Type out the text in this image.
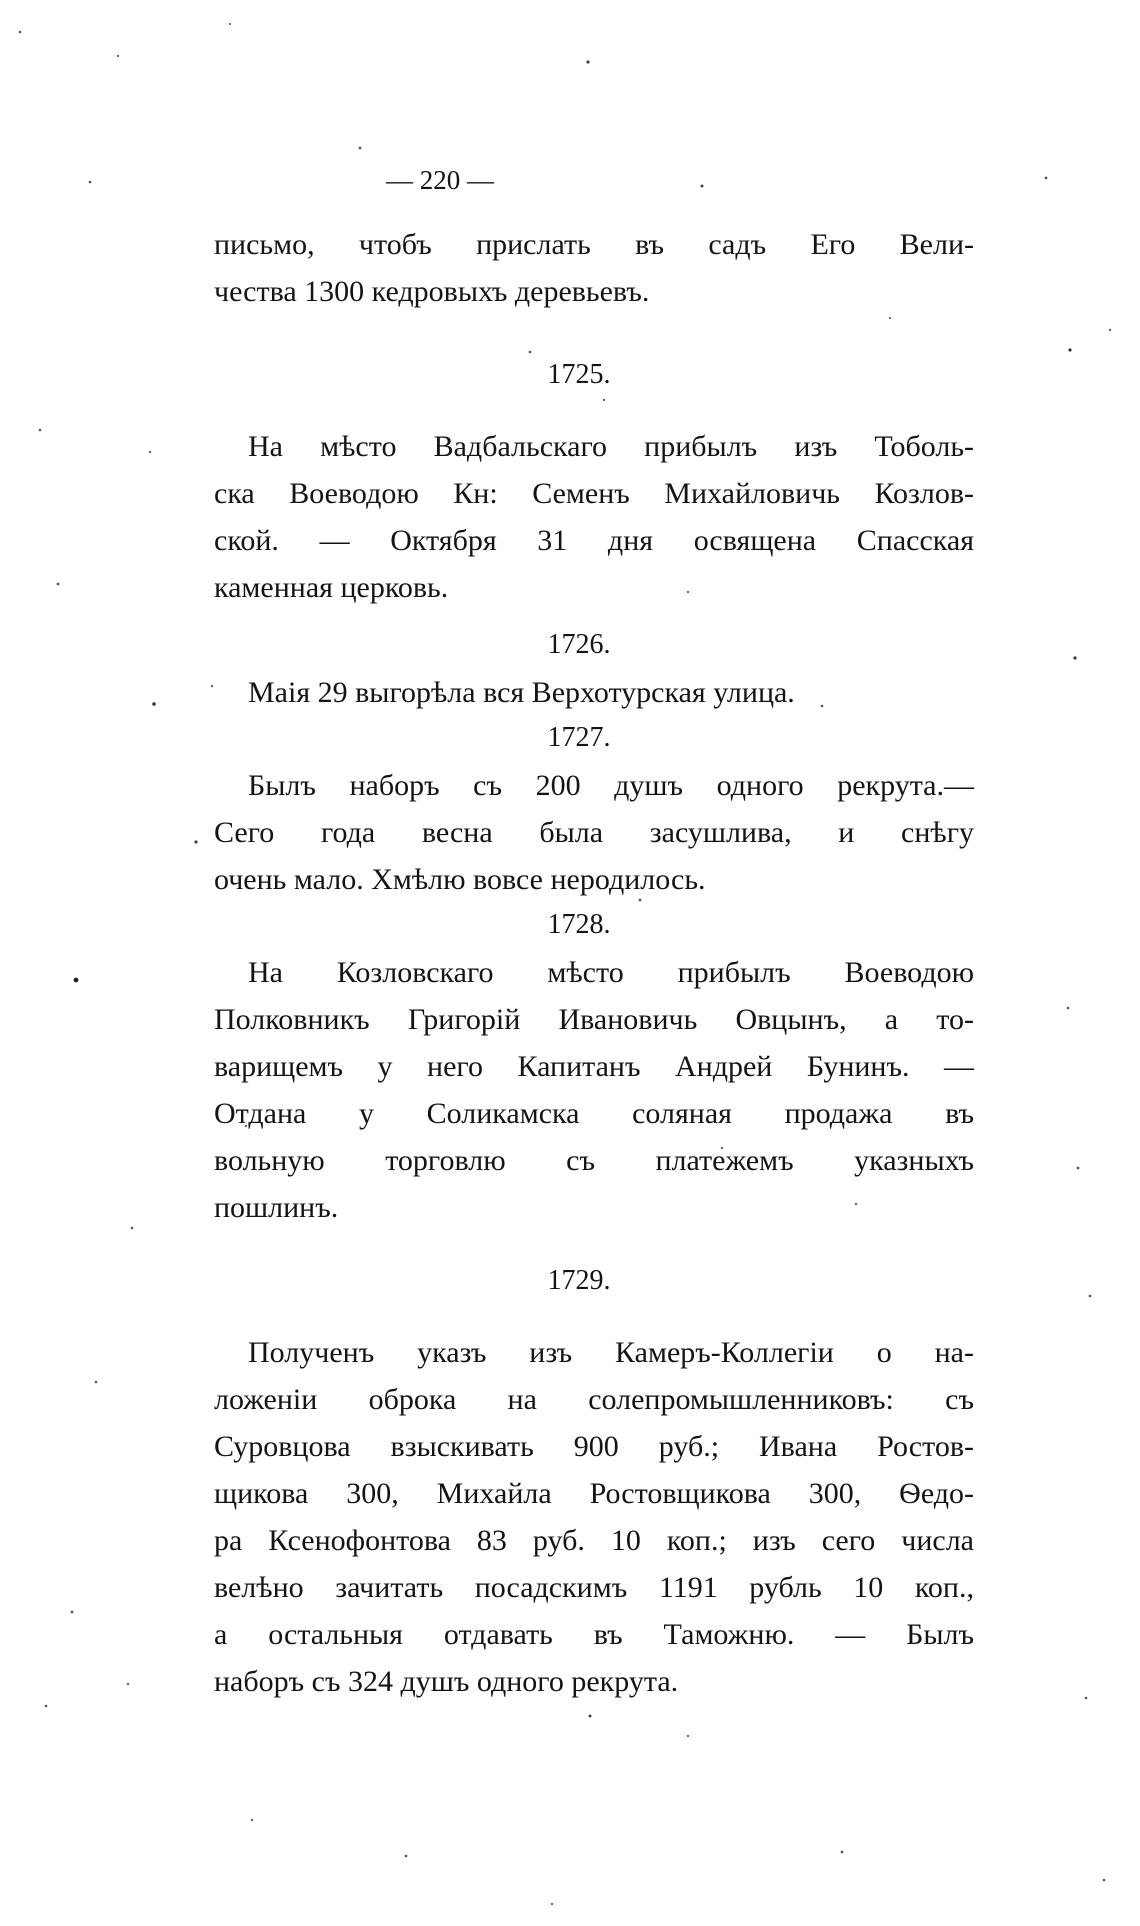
— 220 —
письмо, чтобъ прислать въ садъ Его Вели-
чества 1300 кедровыхъ деревьевъ.
1725.
На мѣсто Вадбальскаго прибылъ изъ Тоболь-
ска Воеводою Кн: Семенъ Михайловичь Козлов-
ской. — Октября 31 дня освящена Спасская
каменная церковь.
1726.
Маія 29 выгорѣла вся Верхотурская улица.
1727.
Былъ наборъ съ 200 душъ одного рекрута.—
Сего года весна была засушлива, и снѣгу
очень мало. Хмѣлю вовсе неродилось.
1728.
На Козловскаго мѣсто прибылъ Воеводою
Полковникъ Григорій Ивановичь Овцынъ, а то-
варищемъ у него Капитанъ Андрей Бунинъ. —
Отдана у Соликамска соляная продажа въ
вольную торговлю съ платежемъ указныхъ
пошлинъ.
1729.
Полученъ указъ изъ Камеръ-Коллегіи о на-
ложеніи оброка на солепромышленниковъ: съ
Суровцова взыскивать 900 руб.; Ивана Ростов-
щикова 300, Михайла Ростовщикова 300, Ѳедо-
ра Ксенофонтова 83 руб. 10 коп.; изъ сего числа
велѣно зачитать посадскимъ 1191 рубль 10 коп.,
а остальныя отдавать въ Таможню. — Былъ
наборъ съ 324 душъ одного рекрута.
